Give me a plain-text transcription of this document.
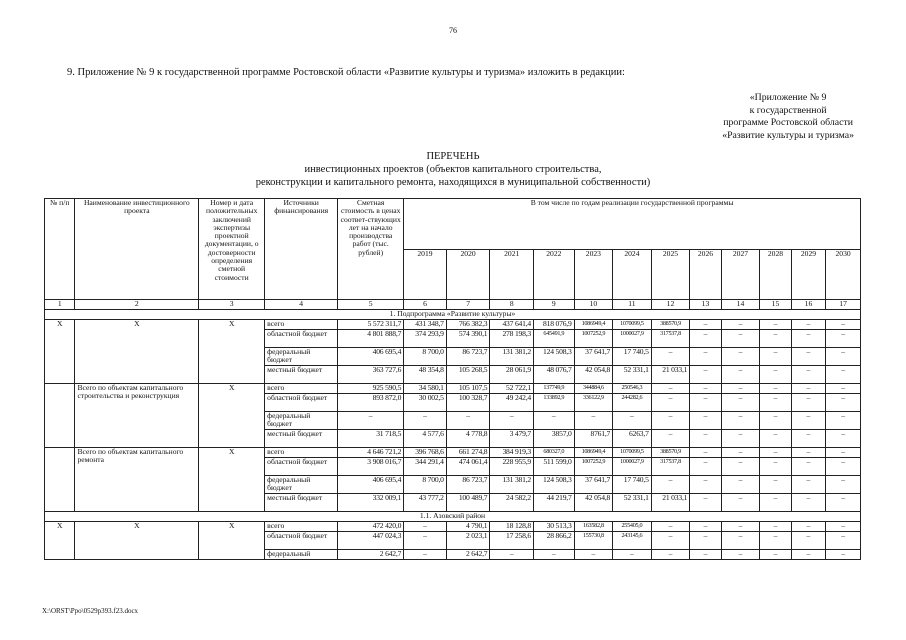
76
9. Приложение № 9 к государственной программе Ростовской области «Развитие культуры и туризма» изложить в редакции:
«Приложение № 9
к государственной
программе Ростовской области
«Развитие культуры и туризма»
ПЕРЕЧЕНЬ
инвестиционных проектов (объектов капитального строительства,
реконструкции и капитального ремонта, находящихся в муниципальной собственности)
№ п/п	Наименование инвестиционного проекта	Номер и дата положительных заключений экспертизы проектной документации, о достоверности определения сметной стоимости	Источники финансирования	Сметная стоимость в ценах соответ-ствующих лет на начало производства работ (тыс. рублей)	В том числе по годам реализации государственной программы											
					2019	2020	2021	2022	2023	2024	2025	2026	2027	2028	2029	2030
1	2	3	4	5	6	7	8	9	10	11	12	13	14	15	16	17
1. Подпрограмма «Развитие культуры»																
Х	Х	Х	всего	5 572 311,7	431 348,7	766 382,3	437 641,4	818 076,9	1086949,4	1070099,5	388570,9	–	–	–	–	–
			областной бюджет	4 801 888,7	374 293,9	574 390,1	278 198,3	645491,9	1007252,9	1000027,9	317537,8	–	–	–	–	–
			федеральный бюджет	406 695,4	8 700,0	86 723,7	131 381,2	124 508,3	37 641,7	17 740,5	–	–	–	–	–	–
			местный бюджет	363 727,6	48 354,8	105 268,5	28 061,9	48 076,7	42 054,8	52 331,1	21 033,1	–	–	–	–	–
	Всего по объектам капитального строительства и реконструкция	Х	всего	925 590,5	34 580,1	105 107,5	52 722,1	137749,9	344884,6	250546,3	–	–	–	–	–	–
			областной бюджет	893 872,0	30 002,5	100 328,7	49 242,4	133892,9	336122,9	244282,6	–	–	–	–	–	–
			федеральный бюджет	–	–	–	–	–	–	–	–	–	–	–	–	–
			местный бюджет	31 718,5	4 577,6	4 778,8	3 479,7	3857,0	8761,7	6263,7	–	–	–	–	–	–
	Всего по объектам капитального ремонта	Х	всего	4 646 721,2	396 768,6	661 274,8	384 919,3	680327,0	1086949,4	1070099,5	388570,9	–	–	–	–	–
			областной бюджет	3 908 016,7	344 291,4	474 061,4	228 955,9	511 599,0	1007252,9	1000027,9	317537,8	–	–	–	–	–
			федеральный бюджет	406 695,4	8 700,0	86 723,7	131 381,2	124 508,3	37 641,7	17 740,5	–	–	–	–	–	–
			местный бюджет	332 009,1	43 777,2	100 489,7	24 582,2	44 219,7	42 054,8	52 331,1	21 033,1	–	–	–	–	–
1.1. Азовский район																
Х	Х	Х	всего	472 420,0	–	4 790,1	18 128,8	30 513,3	163582,8	255405,0	–	–	–	–	–	–
			областной бюджет	447 024,3	–	2 023,1	17 258,6	28 866,2	155730,8	243145,6	–	–	–	–	–	–
			федеральный	2 642,7	–	2 642,7	–	–	–	–	–	–	–	–	–	–
X:\ORST\Ppo\0529p393.f23.docx
